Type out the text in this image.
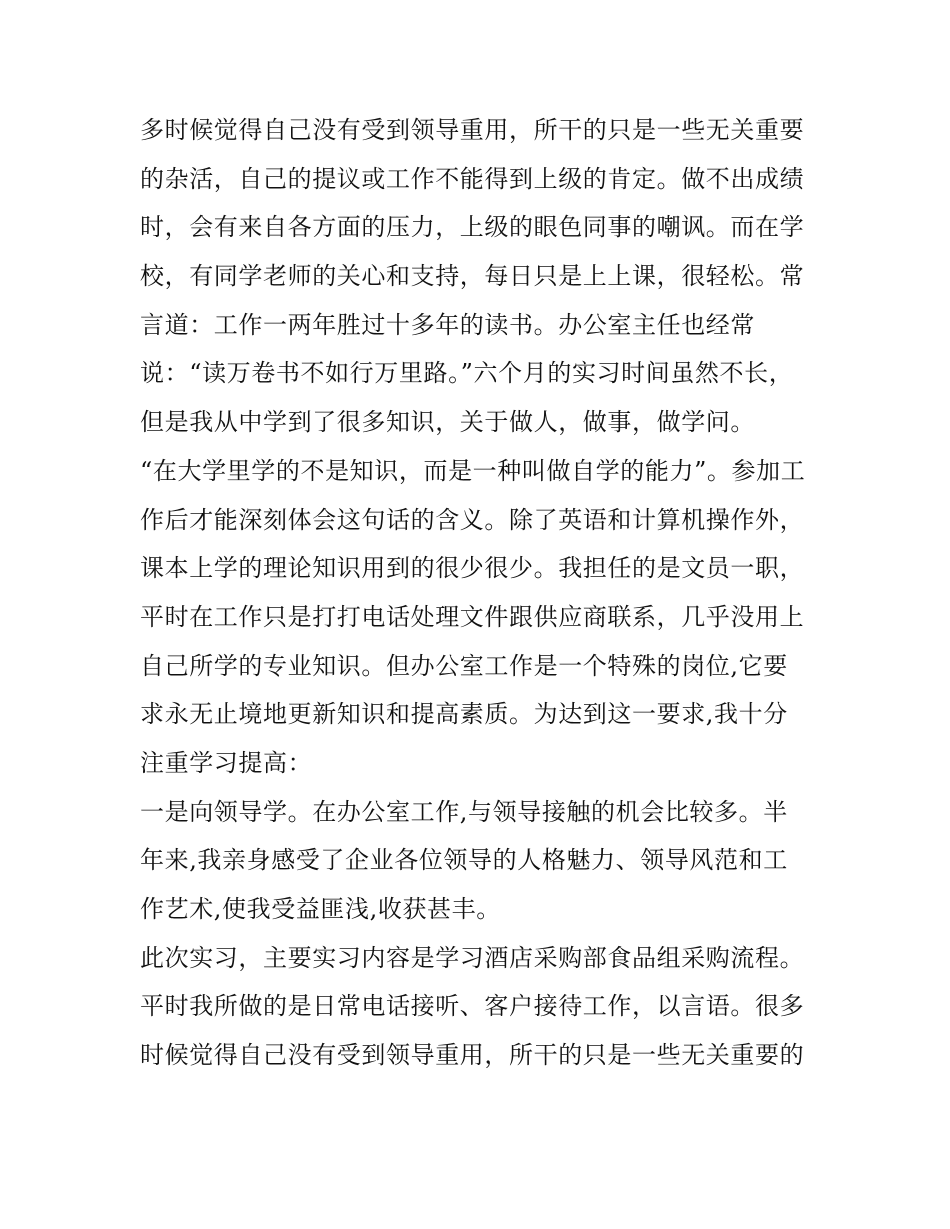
多时候觉得自己没有受到领导重用，所干的只是一些无关重要
的杂活，自己的提议或工作不能得到上级的肯定。做不出成绩
时，会有来自各方面的压力，上级的眼色同事的嘲讽。而在学
校，有同学老师的关心和支持，每日只是上上课，很轻松。常
言道：工作一两年胜过十多年的读书。办公室主任也经常
说：“读万卷书不如行万里路。”六个月的实习时间虽然不长，
但是我从中学到了很多知识，关于做人，做事，做学问。
“在大学里学的不是知识，而是一种叫做自学的能力”。参加工
作后才能深刻体会这句话的含义。除了英语和计算机操作外，
课本上学的理论知识用到的很少很少。我担任的是文员一职，
平时在工作只是打打电话处理文件跟供应商联系，几乎没用上
自己所学的专业知识。但办公室工作是一个特殊的岗位,它要
求永无止境地更新知识和提高素质。为达到这一要求,我十分
注重学习提高：
一是向领导学。在办公室工作,与领导接触的机会比较多。半
年来,我亲身感受了企业各位领导的人格魅力、领导风范和工
作艺术,使我受益匪浅,收获甚丰。
此次实习，主要实习内容是学习酒店采购部食品组采购流程。
平时我所做的是日常电话接听、客户接待工作，以言语。很多
时候觉得自己没有受到领导重用，所干的只是一些无关重要的
